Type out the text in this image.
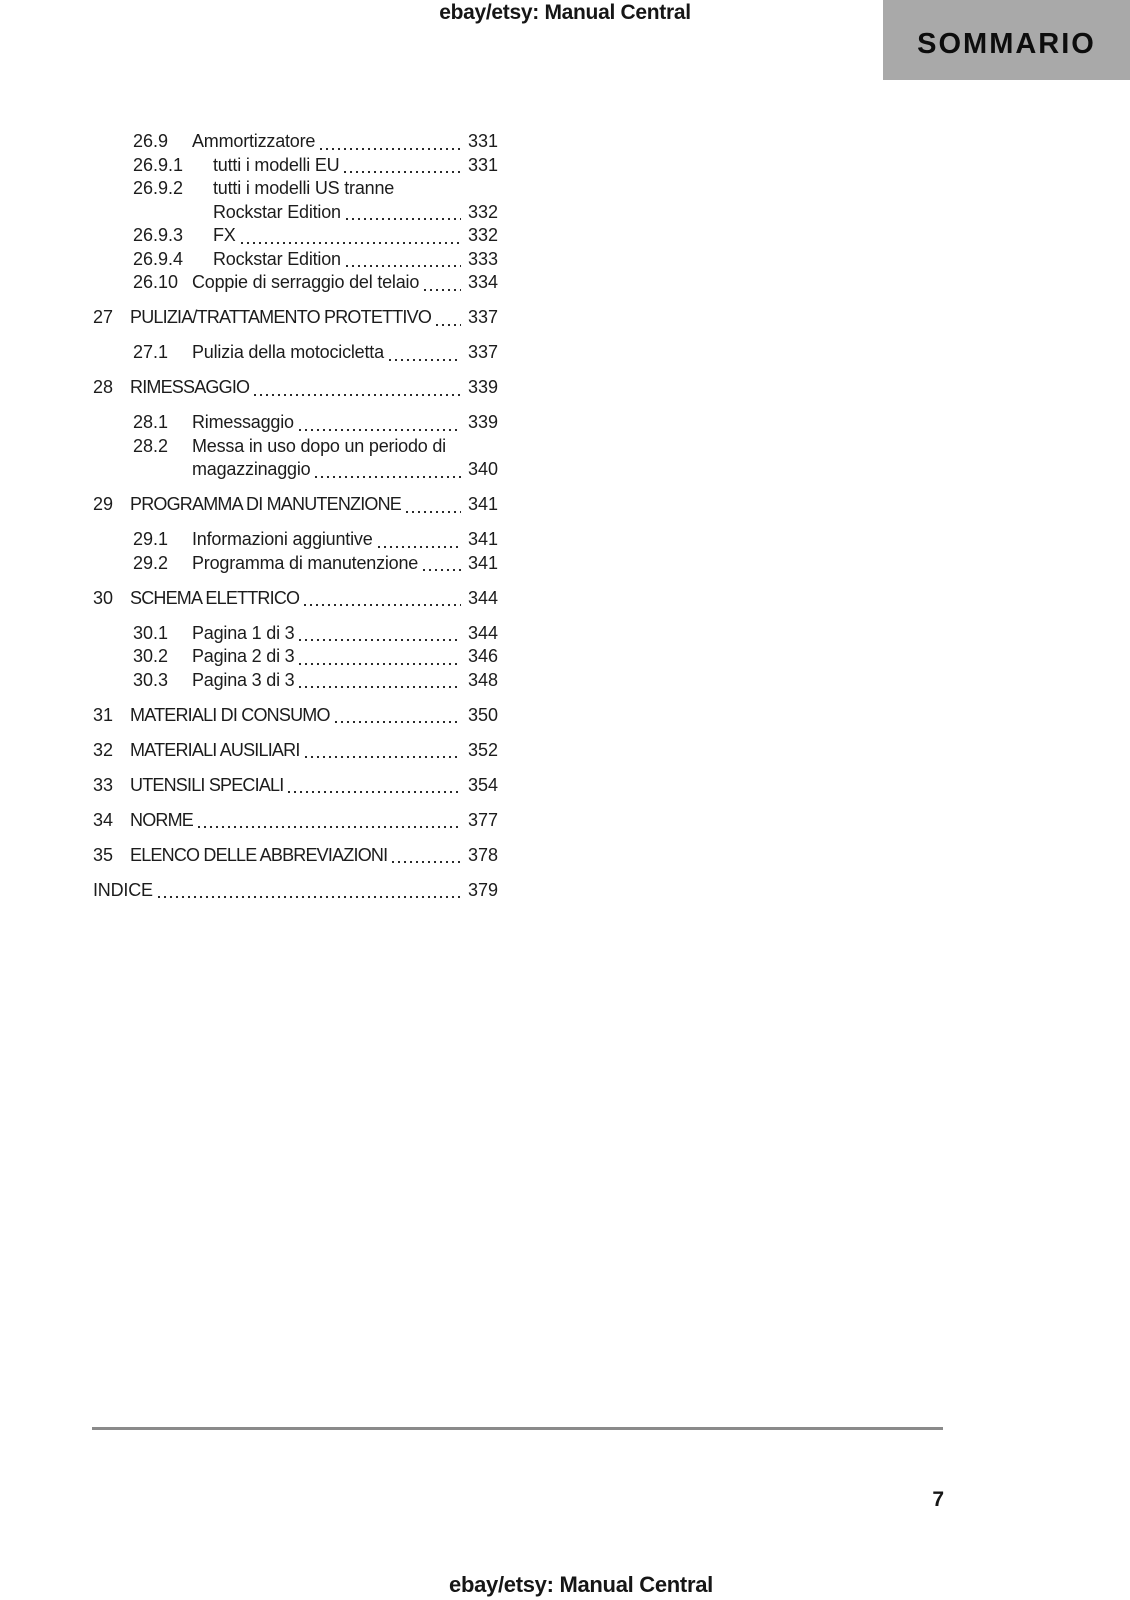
ebay/etsy: Manual Central
SOMMARIO
26.9	Ammortizzatore	331
26.9.1	tutti i modelli EU	331
26.9.2	tutti i modelli US tranne
Rockstar Edition	332
26.9.3	FX	332
26.9.4	Rockstar Edition	333
26.10 Coppie di serraggio del telaio	334
27 PULIZIA/TRATTAMENTO PROTETTIVO 337
27.1	Pulizia della motocicletta	337
28 RIMESSAGGIO	339
28.1	Rimessaggio	339
28.2	Messa in uso dopo un periodo di
magazzinaggio	340
29 PROGRAMMA DI MANUTENZIONE	341
29.1	Informazioni aggiuntive	341
29.2	Programma di manutenzione	341
30 SCHEMA ELETTRICO	344
30.1	Pagina 1 di 3	344
30.2	Pagina 2 di 3	346
30.3	Pagina 3 di 3	348
31 MATERIALI DI CONSUMO	350
32 MATERIALI AUSILIARI	352
33 UTENSILI SPECIALI	354
34 NORME	377
35 ELENCO DELLE ABBREVIAZIONI	378
INDICE	379
7
ebay/etsy: Manual Central
